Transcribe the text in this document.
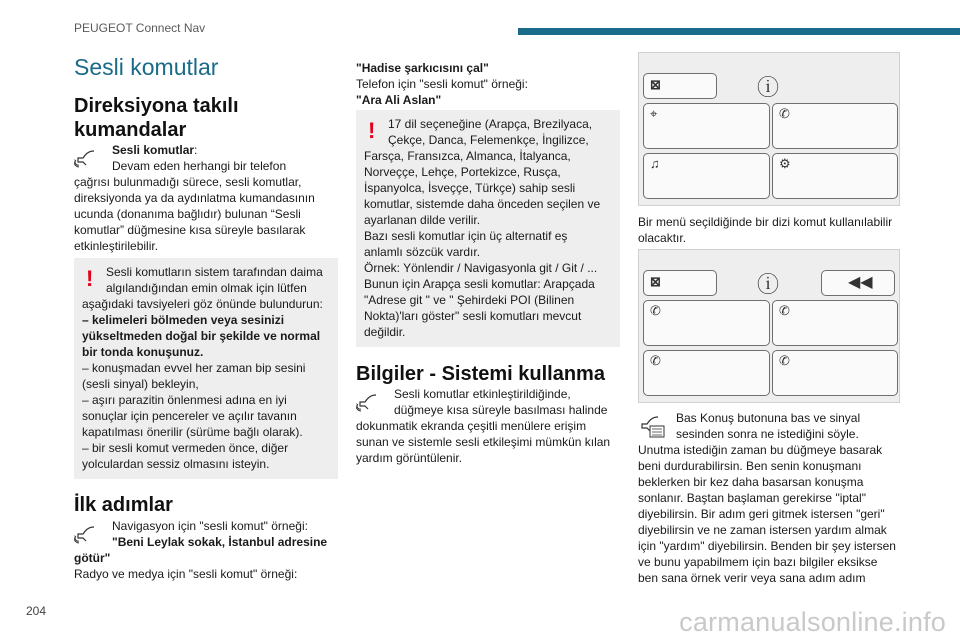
PEUGEOT Connect Nav
Sesli komutlar
Direksiyona takılı kumandalar

Sesli komutlar:

Devam eden herhangi bir telefon

çağrısı bulunmadığı sürece, sesli komutlar,

direksiyonda ya da aydınlatma kumandasının

ucunda (donanıma bağlıdır) bulunan “Sesli

komutlar” düğmesine kısa süreyle basılarak

etkinleştirilebilir.

! Sesli komutların sistem tarafından daima

algılandığından emin olmak için lütfen

aşağıdaki tavsiyeleri göz önünde bulundurun:

– kelimeleri bölmeden veya sesinizi

yükseltmeden doğal bir şekilde ve normal

bir tonda konuşunuz.

– konuşmadan evvel her zaman bip sesini

(sesli sinyal) bekleyin,

– aşırı parazitin önlenmesi adına en iyi

sonuçlar için pencereler ve açılır tavanın

kapatılması önerilir (sürüme bağlı olarak).

– bir sesli komut vermeden önce, diğer

yolculardan sessiz olmasını isteyin.

İlk adımlar

Navigasyon için "sesli komut" örneği:

"Beni Leylak sokak, İstanbul adresine

götür"

Radyo ve medya için "sesli komut" örneği:

"Hadise şarkıcısını çal"

Telefon için "sesli komut" örneği:

"Ara Ali Aslan"

! 17 dil seçeneğine (Arapça, Brezilyaca,

Çekçe, Danca, Felemenkçe, İngilizce,

Farsça, Fransızca, Almanca, İtalyanca,

Norveççe, Lehçe, Portekizce, Rusça,

İspanyolca, İsveççe, Türkçe) sahip sesli

komutlar, sistemde daha önceden seçilen ve

ayarlanan dilde verilir.

Bazı sesli komutlar için üç alternatif eş

anlamlı sözcük vardır.

Örnek: Yönlendir / Navigasyonla git / Git / ...

Bunun için Arapça sesli komutlar: Arapçada

"Adrese git " ve " Şehirdeki POI (Bilinen

Nokta)'ları göster" sesli komutları mevcut

değildir.

Bilgiler - Sistemi kullanma

Sesli komutlar etkinleştirildiğinde,

düğmeye kısa süreyle basılması halinde

dokunmatik ekranda çeşitli menülere erişim

sunan ve sistemle sesli etkileşimi mümkün kılan

yardım görüntülenir.

⊠	ⓘ
⌖	✆
♫	⚙

Bir menü seçildiğinde bir dizi komut kullanılabilir

olacaktır.

⊠	ⓘ	◀◀
✆	✆
✆	✆

Bas Konuş butonuna bas ve sinyal

sesinden sonra ne istediğini söyle.

Unutma istediğin zaman bu düğmeye basarak

beni durdurabilirsin. Ben senin konuşmanı

beklerken bir kez daha basarsan konuşma

sonlanır. Baştan başlaman gerekirse "iptal"

diyebilirsin. Bir adım geri gitmek istersen "geri"

diyebilirsin ve ne zaman istersen yardım almak

için "yardım" diyebilirsin. Benden bir şey istersen

ve bunu yapabilmem için bazı bilgiler eksikse

ben sana örnek verir veya sana adım adım

204	carmanualsonline.info
